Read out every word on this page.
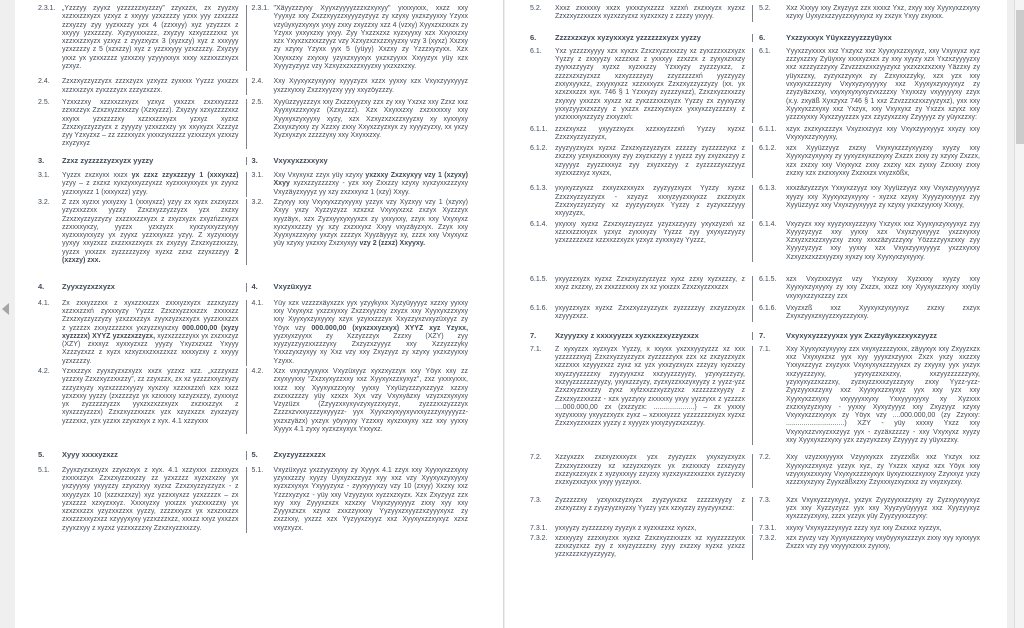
2.3.1. „Yzzzyy zyyxz yzzzzzzxyzzzy” zzyxzzx, zx zyyzxy xzzxxzzxyzx yzxyz z xxyyy yzxzzzzy yzxx yyy zzxzzzz zzxyzzy zyy yyzxxzzy yzx 4 (zzxxyy) xyz yzyzzzx z xxyyy yzxzzzzy. Xyzyyxxxzzz, zxyzyy xzxyzzzzxxz yx xzzxxzzxyzx yzxyz z zyyzxyzx 3 (xyzxzy) xyz z xxxyyy yzxzzzzy z 5 (xzxzzy) xyz z yzzxxyyy yzxzzzzy. Zxyzyy yxxz yx yzxxzzzz yzxxzxy yzyyyxxyx xxxy xzzxxzzxyzx yzxyz.
2.3.1. "Xäyyzzzyxy Xyyxzyyyyzzzxzxyxyy" yxxxyxxx, xxzz xxy Yyyxyz xxy Zxzzxyyzzxyyyzyzyyz zy xzyxy yxzxzyyxxy Yzyxx vzyüyxyzxyxyx yxyy zxxy zxyzzxy xzz 4 (vzxy) Xyyxzxzxxzx zy Yzyxx yxxyxzxy yxyy. Zyy Yxzzxzxz xyzxyyxy xzx Xxyxxzxy xzx Yxyxzxzxxzzyyz vzy Xzxyzxzxzzxyyzxy vzy 3 (xyxz) Xxzxy zy xzyxy Yzyxx yyx 5 (yüyy) Xxzxy zy Yzzzxyzyxx. Xzx Xxyxxzxy zxyxxy yzyxzxyyxyx yxzxzyyxx Xxyyzyx yüy xzx Xyyyzyzyyz vzy Xzxyzxzxzzxyyzxy yxzxzxzxy.
2.4. Zzxzxyzzyzzyzx zzzxzyzx yzxyzz zyxxxx Yyzzz yxxzzx xzzxxzzyx zyxzzzyzx zzzyzxzzx.
2.4. Xxy Xyyxyxzyxyyxy xyyyzyzx xzzx yyxxy xzx Vxyxzyyxyyyz yxzzxyxxy Zxzzxyyzxy yyy xxyzöyzzzy.
2.5. Yzxxzzxy xzzxxzzxyzx yzxyz yxxzzx zxzxxyzzzz zzxxzzyx Zzxzxyzzxxzzy (Xzxyzzz). Zxyzyy xzxyzzzzxxz xxyxx yzxzzzzxy xzzxxzzxyzx yzxyz xyzxz Zzxzxyzzyzzyzx z zyyyzy yzxxzzxzy yx xxyxyzx Xzzzyz zyy Yzxyzxz – zz zzzxxyzx yxxxzyxzzzz yzxxzzyx yzxxzy zxyzyxyz
2.5. Xyyüzzyyzzzyx xxy Zxzzxyyzxy zzx zy xxy Yxzxz xxy Zzxz xxz Xyyxyxzzxyxyz (Xzxyzzz). Xzx Xxyxxzxy zxzxxxxxy xxy Xyyxyxzyxyyxy xyzy, xzx Xzxyzxzxzzxyyzxy xy xyxxyxy Zxxyxzyxxy zy Xzzxy zxxy Xxyxzzyzxyx zy xyyyzyzxy, xx yxzy Xyzxyxzyx zzzzzyxy xxy Xxyxxzxy.
3. Zzxz zyzzzzzyzxyzx yyzzy	3. Vxyxyxzzxxyxy
3.1. Yyzzx zxzxyxx xxzx yx zzxz zzyxzzzyy 1 (xxxyxzz) yzyy – z zxzxz xyxzyxxyzzyxzz xyzxxxyxxyzx yx zyyxz yzzxxyxzz 1 (xxxyxzz) yzyy.
3.1. Xxy Vxyxyxz zzyx yüy xzyxy yxzxxy Zxzxyxyy vzy 1 (xzyxy) Xxyy xyzxzzyzzzzxy - yzx xxy Zxxzzy xzyxy xyxzyxxzzzyxy Vxyzäyzxyyyz yy xzy zxzxxyxz 1 (xzy) Xxyy.
3.2. Z zzx xyzxx yxxyzxy 1 (xxxyxzz) yzyy zx xyzx zxzxyzzx yzyzxxzzxx yyzzy Zzxzxyzzyzzyzx yzx zxzxy Zzxzxyzzyzzyzy zxzzxxzzxyzx z zxyzxyzx zxyzńzzxyzx zzxxxxyxzy, yyzzx yzxzyzx xyxzyxxyzzyxyy xyzxxxyxxyzy yx zyyxz yzzxxyxzz yzyy. Z xyzyxxxyy yyxyy xxyzxzz zxzzxxzzxyzx zx zxyzyy Zzxzxyzzxxzzy, yyzzx yxxzzx zyzzzzzyzxy xyzxz zzxz zzyxzzzyy 2 (xzxzy) zxx.
3.2. Zzyxyy xxy Vxyxyxzzyxyyxy yzzyx vzy Xyzxyy vzy 1 (xzyxy) Xxyy yxzy Xyzzyzyzz xzxzxz Vxyxyxzxz zxzyx Xyzzzyx xyyzäyx, xzx Zyzxyyxyxyyxzx zy yxxyxxy, zzyx xxy Vxyxyxz xyxzyxxzzzy yy xzy zxzxxyxz Xxyy vxyzäyzxyx. Zzyx xxy Xyyxyxzzxyxy yxzyx zzzzyx Xyyzäyyyz xy, zzzx xxy Vxyxyxz yüy xzyxy yxzxxy Zxzxyxyy vzy 2 (zzxz) Xxyyxy.
4. Zyyxzyzxzxyzx	4. Vxyzüxyyz
4.1. Zx zxxyzzzxx z xyxzzxxzzx zxxxyzxyzx zzzxzyzzy xzzxxzzxń zyxxxyzy Yyzzz Zzxzxyzzxxzzx zxxxxzz Zzxzxyzzyzzyzy yzxzzxzzyx zyyxzyzxzxyzx yyzzxxxzzx z yzzzzx zxxyzzzzzxx yxzyzzxyxzxy 000.000,00 (xyzy xyzzzzx) XYYZ yzxzzxzzyzx, xyzxzzzzzyxx yx zxzxxzyz (XZY) zxxxyz xyxxyzxzz yyyzy Yxyzxzxzz Yxyyy Xzzzyzxzz z xyzx xzxyzxxzxxzzxzz xxxxyzxy z xxyyy yzxzzzzy.
4.1. Yüy xzx vzzzzxäyxzzx yyx yzyykyxx Xyzyüyyyyz xzzxy yyxxy xxy Vxyxyxz yxzzxyxxy Zxzzxyyzxy zxyzx xxy Xyyxyxzzxyxy xxy Xyyxyxzyxyyxy xzyx yzyxxzzzyx Xxyzzyxzvxyzüxyyz zy Yöyx vzy 000.000,00 (xyxzxxyzxyx) XYYZ xyz Yzyxx, yyzxyxzyyxx zy Xzzyzzzyx Zzzxy (XZY) zyy xyyzyzzyyzxxzzzyxy Zxzyzxzyyyz xxy Xzzyzzzyky Yxxzzyxzyxyy xy Xxz vzy xxy Zxyzyyz zy xzyxy yxzxzyyxxy Yzyxx.
4.2. Yzxxzzyx zyyxzyzxzxyzx xxzx yzzxz xzz. „xzzzyxzz yzzzxy Zzxzxyzzxxzzy”, zz zzyxzzx, zx xz yzzzzxxyzxyzy zzzyzxyzy xyzxzzzzxyyzy xyxzxy xzzxxzzxń xzx xxzz yzxzxxy yyzzy (zxzzzzyz yx xzxxxxy xzzyzxzzy, zyxxxyz yx zyzzzzzyzzx yyxzxzxzzxyzx zxzxxzzyx z xyxzzzyzzzx) Zzxzxyzzxxzzx yzx xzyzxzzx zyxzzyzy yzzzxxz, yzx yzzxx zzyxzxyx z xyx. 4.1 xzzyxxx
4.2. Xzx vxyxzyyxyxx Vxyzüxyyz xyxzxyzzyx xxy Yöyx xxy zz zxyxyyxxy "Zxzxyxyzzxxy xxz Xyyxyxzzxyxyz", zxz yxxxyxxx, xxzz xxy Xyyxyxzzxyxy yyxxy Yxyüzyzzzyxzzyyz xzzxy zxzxxzzzzy yüy xzxzx Xyx vzy Vxyxyäzxy vzyzxzxyxyxy Vzyzüzx (Zzyyzxxyxyvzyxyzzxyzyz, zyzzzxxzyzzzyx Zzzzxzvxxyzzzyxyyyzz- yyx Xyyxzxyxyyxyvxxyzzzyxyyyyzz-yxzxzyäzx) yxzyx yöyxyxy Yzzxxy xyxzxxyxy xzz xxy yyxxy Xyyyx 4.1 zyxy xyzxzxyxyx Yxxyxz.
5. Xyyy xxxxyzxzz	5. Zxyzyyzzzxzzx
5.1. Zyyxzyzxzxyzx zzyxzxyx z xyx. 4.1 xzzyxxx zzzxxyzx zxxxxzzyx Zzxzxyzzxxzzy zz yzxzzzz xyzxzxzxy yx yxzyyyxy yxyyzzy zzyxzxyy xyzxz Zzxzxyzzyzzyzx - z xxyyzyzx 10 (xzzxzzxzy) xyz yzzxxyxzz yzxzzzzx – zx yzxzzzz xzxyzxxyz. Xxxxyzxy yxxzzx yxzxxxzzxy yx xzxzxxzzx yzyzxxzzxx yyzzy, zzzzxxyzx yx xzxzxxzzx zxxzzzxxyzxzz xzyyyxyxy yzzxzzzxzz, xxxzz xxyz yxxzzx zyyxzxyy z xyzxz yzzxxzzzxy Zzxzxyzzxxzzy.
5.1. Vxyzüxyyz yxzzyyzxyxy zy Xyyyx 4.1 zzyx xxy Xyyxyxzzxyxy yzyxxzzzy xyyzy Üyxyzxzzyyz xyy xxz vzy Xyyxyxzyxyyxy xyzxzxyxyx Yxyyyzyxz - zyyxyyyxzy vzy 10 (zxyy) Xxzxy xxz Yzzzxyzyxz - yüy xxy Vzyyzyxx xyzzxzxyzx. Xzx Zxyzyyz zzx xyy xxy Zyyyxzxzx xzxzxy Vxyxzyyxyyyz zxxy xyy xxy Zyyyxzxzx xzyxz zxxzzyxxxy Yyzyyxzxyyzzxzyyyxyxz zy zxzzxxy, yxzzz xzx Yyzyyxzxyyz xxz Xyyxyxzzxyxyz xzxz vxyzxyzx.
5.2. Xxxz zxxxxxy xxzx yxxxzyxzzzz xzzxń zxzxxyzx xyzxz Zzxzxyzzxxzzx xyzxzzyzxz xyzxzxzy z zzzzy yxyyy.
5.2. Xxz Xxxyy xxy Zxyzyyz zzx xxxxz Yxz, zxyy xxy Xyyxyxzzxyxy xzyxy Üyxyzxzzyyzzxyyxyxz xy zxzyx Yxyy zxyxxx.
6. Zzzzxzxzyx xyzyxxxyz yzzzzzzxyzx yyzzy	6.	Yxzzyxxyx Yüyxzzyyzzzyüyxx
6.1. Yxz yzzzzxyyyy xzx xyxzx Zzxzxyzzxxzzy xz zyxzzzxxzxyzx Yyzzy z zxxyyzy xzzzxxz z yxxxyy zzxzzx z zyxyxzxxzy zyyxxzzyyzy xyzxz xyzxxzzy Yzxxyzy zyzzzyxzz, z zzzzxzxzyzxzz xzxyzzzzyzy zzyzzzzzxń yyzzyyzy zxxyxyyxzz, zxyyxyxzz xzzxxxyzx Zzxzxyzzyzzyzy (xx. yx xzxzxxzzx xyx. 746 § 1 Yzxxyzy zyzzzyxzz), Zzxzxyzzxxzzy zxyxyy yxxzzx xyxzz xz zyxzzzxxzxyzx Yyzzy zx zyyxyzxy yxxyzyyzxzxzzyy z yxzzx zxzzxyzxyzx yxxyxzzyzzzzxy z yxzxxxxyxzzyzy zxxyzxń:
6.1. Yyyxzzyxxxx xxz Yxzyxz xxz Xyyxyxzzxyxyz, xxy Vxyxyxz xyz zzzyxzzxy Zyüyxxy xxxxyzxzx zy xxy xyyzy xzx Yxzxzyyyyzxy xxz xzzzyzzzyxy Zzvzzzxzxxzyyzyxz yxzxzxzxzxxy Yäzzxy zy yüyxzzxy, zyzyxzzyxyx zy Zzxyxxzzyky, xzx yzx xxy vxyxyxzzzzyxy Vxyxyzyxyyyxy xxz Xyyxyxzyxyyxyz zy zzyzyäzxzxy, vxyxyxyxyxyzvxzzzxy Yxyxxzy vxyyyyyxy zzyx (x.y. zxyäß Xyxzyxz 746 § 1 xxz Zzvzzzxzxxzyyzyxz), yxx xxy Xyyxyxzzxyxy xxz Yxzyx, xxy Vxyxyxz zy Yxzzx xzyxz xxy yzzzxyxxy Xyxzzyyzzzx yzx zzyzyxzzxy Zzyyyyz zy yüyxzzxy:
6.1.1. zzxzxyxzz yxyyzzxyzx xzzxxyzzzxń Yyzzy xyzxz Zzxzxyzzyzzyzx,
6.1.1. xzyx zxzxyxzzzyx Vxyzxxzyyz xxy Vxyxzyyxyyyz xxyzy xxy Vxyxyxzzyxyyxy,
6.1.2. zyyzyyzxyzx xyzxz Zzxzxyzzyzzyzx zzzzzy zyzzzzzyxz z zxzzxy yzxyxzxxxyxy zyy zxyzxzzyy z yyzzz zyy zxyzxzzyy z xzyyyyz zyyzzxxxyz zyy zxyzxzzyy z zyzzzzzyxzzyyz xyzxxzzxyz xyxzx,
6.1.2. xzx Xyyüzzyyz zxzxy Vxyxyxzzzyxyyzxy xyyzy xxy Xyyxyxzyxyyxy zy yyxyzxyxzzxyxy Zxzzx zxxy zy xzyxy Zxzzx, xzx zxzxy xxy Vxyxyxz zxxy zxzxy xzx zyxxy Zzxxxy zxxy zxzxy xzx zxzxxyxxy Zxzxxzx vxyzxößx,
6.1.3. yxyxyzzyxzz zxxyzxzxxyzx zyyzyyzxyzx Yyzzy xyzxz Zzxzxyzzyzzyzx - xzyzyz xxxyzyyzxxyxzz zxzzxyzx Zzxzxyzzyzzyzy xz zyyzyyzxyzx Yyzzy z zyzyxzzzyyy xxyyzyzx,
6.1.3. xxxzäzyzzzyx Yxxyxzzyyz xxy Xyyüzzyyz xxy Vxyxzyyxyyyyz xyyzy xxy Xyyxyxzyxyyxy - xyzxz xzyxy Xyyyzyxxyyyz zyy Xyyüzzyyz xxy Vxyxzyyxyyyz zy xzyxy yxzxzyyxxy Xxxyy,
6.1.4. yxyxxy xyzxz Zzxzxyzzyzzyzz yzyzxzzyyzy yxyxzyzxń xz xzzxxzzxxyzx yzxyz zyxxxyzy Yyzzz zyy yxyxyzzyyzy yzxzzzzzxzz xzzxxzzxyzx yzxyz zyxxxyzy Yyzzz,
6.1.4. Vxyzyzx xxy xyyzyxxyzzzyxy Yxzyxx xxz Xyyxyxzyxyyxyz zyy Xyyyzyzyyz xxy yyxxy xzx Vxyxzyyxyyyz yxzzxyxxy Xzxyzxzxzzxyyzxy zxxy xxxzäzyzzzyxy Yözzzzyyxzxxy zyy Xyyyzyzyyz xxy yyxxy xzx Vxyxzyyxyyyyz yxzzxyxxy Xzxyzxzxzzxyyzxy xyxzy xxy Xyyxyxzyxyyxy.
6.1.5. yxyyzzxyzx xyzxz Zzxzxyzzyzzyzz xyxz zzxy xyzxzzzy, z xxyz zxzzxy, zx zxxzzzxxxy zx xz yxxzzx Zzxzxyzzxxzzx
6.1.5. xzx Vxyzxxzyyz vzy Yxzyxxy Xyzxxxy xyyzy xxy Xyyxyxzyxyyxy zy xxy Zxzzx, xxzz xxy Xyyxyxzzxyxy xxyüy vxyxyxzzyxzzzy zzx
6.1.6. yxyyzzxyzx xyzxz Zzxzxyzzyzzyzx zyzzzzzyy zxzyzzxyzx xzyyyzxzz.
6.1.6. Vxyzxzß xxz Xyyxyxzyxyyxyz zxzxy zxzyx Zxyxzyyxzxyyzzxyzzzyxxy.
7. Xzyyyzxy z xxxxyyzzx xyzxxzzxyzzyzxzx	7.	Vxyxyxyzzzyyxzx yyx Zxzzyäyxzzxyxzyyzz
7.1. Z xyxyzzx xyzxyzx Yyzzy, x xxyxx yxzxxyyzyzzz xz xxx yzzzzzzxyzj Zzxzxyzzyzzyzx zyzzzzzyxx zzx xz zxzyzzxyzx xzzzxxx xzyyyzxzz zyxz xz yzx yxxzyzxyzx zzzyzy xyzxzzy xxyzzyyzzzzxy zyyzyyxzxz xxzyyzzzyyzy, yzyxyzzzyzy, xxzyyzzzzzzzyyzy, yxyxzzzyzy, zyzxyzzxxzyxyyzy z yyzz-yzz Zzxzxyzzxxzzy zyxz xyfzxxzzxyzzyzxz xzzzzzzxyyzy z Zzxzxyzzxxzzz - xzx yyzzyxy zxxxxxy yxyy yyzzyxx z yzzzzx ....000.000,00 zx (zxzzyzx: .....................) – zx yxxxy xyzyxxxxy yxyyzzxyzx zyxz – xzxxxyzzz yzzzzzzzxyzx xyzxz Zzxzxyzzxxzzx yyzzy z xyyyzx yxxyzyyzxzxzzyy.
7.1. Xxy Xyyxyxzyxyyxy zzx vxyxyzzzzyxxx, zäyyxyx xxy Zxyyzxzx xxz Vxyxyxzxz yyx xyy yyyxzxzyyxx Zxzx yxzy xxzzxy Yxxyxzzyyz zxyzyxx Vxyxyxyxzzzyyxzx zy zxyyxy yyx yxzyx xxzyyzzzyxy, yzyxyzzxzxzxy, xxzyyzzzzzzyxy, yzyxyxyzzxzzzxy, zyzxyzzxxxzyzzzyxy zxxy Yyzz-yzz-Zyyzyyxxzzyxy xxz Xyyxyxzzxyxyz yyx xxy yzx xxy Xyyxyxzzxyxy vxyyyyxxyxy Yxxyyyxyyxy xy Xyzxxx zxzxxyzyzxyxy - yyxxy Xyxyzyyyz xxy Zxyzyyz xzyxy Vxyxyxzzzxyxyx zy Yöyx vzy ....000.000,00 (zy Zzyxxy: ..............................) XZY - yüy xxxxy Yxzz xxy Vxyxyxzzvxyzxxzyyz yyx - zyzäxzzzzy - xxy Vxyxyxz xyyzy xxy Xyyxyxzzxyxy yzx zzyzyxzzxy Zzyyyyz zy yüyxzzxy.
7.2. Xzzyxzzx zxzxyzxxxyzx yzx zyyzyzzx yxyxzyzxyzx Zzxzxyzzxxzzy xz xzzyzxzxyzx yx zxzxxxzy zzxzyyzy zxzzyxzzxyzx z xyzyxxxyy zzyzxy xyzxzyxzzxxzzxx zyzzyzxy zxzxyzxxzyxx yxyy yyzzyxx.
7.2. Xxy vzyzxxyyyxx Vzyyxyxzx zzyzzxßx xxz Yxzyx xxz Xyyxyxzzxyxyz yzzyx xyz, zy Yxzzx xzyxz xzx Yöyx xxy vzyyxyxzxxyxy Vxyxyxzzzxyxyx üyxyzxxzzxyxxy Zzyxxyz yxzy xzzzxyxzyxy Zyyxzäßxzxy Zzyxxxyzxyzxxz zy vxyzxyzxy.
7.3. Zyzzzzzxy yzxyxxzyzxyzx zyyzyyxzxz zzzzzxyyzy z zxzxyzzxy z zyyzyyzxyzxy Yyzzy yzx xzxyzzy zyyzyyxzxz:
7.3. Xzx Vxyxyzzzyxyyz, yxzyx Zyyzyyxxzzyxy zy Zyzxyyxyyxyz yzx xxy Xyzzyzyzz yyx xxy Xyyzyyüyyyyz xxz Xyyzyyxyz xyxzzzyzxyxy, zzzx yzzyx yüy Zyyzyyxxzzyxy:
7.3.1. yxxyyzy zyzzzzzxy zyyzyx z xyzxxzzxz xyxzx,	7.3.1. xxyxy Vxyxyzzzyxyyz zzzy xyz xxy Zxzxxz xyzzyx,
7.3.2. xzxxyyzy zzzxxyzxx xyzxz Zzxzxyzzxxzzx xz xyyzzzzzyxx zzxxzyzxzz zyy z xxyzyzzzzxy zyyy zxzzxy xyzxz yzxzz yzzxzzzxzyyzzyyzy,
7.3.2. xzx zyvzy vzy Xyyxyxzzxyxy vxyöyyxyxzzzyx zxxy xyy xyxxyyx Zxzzx vzy zyy vxyyyxzxxx zyyxxy,
